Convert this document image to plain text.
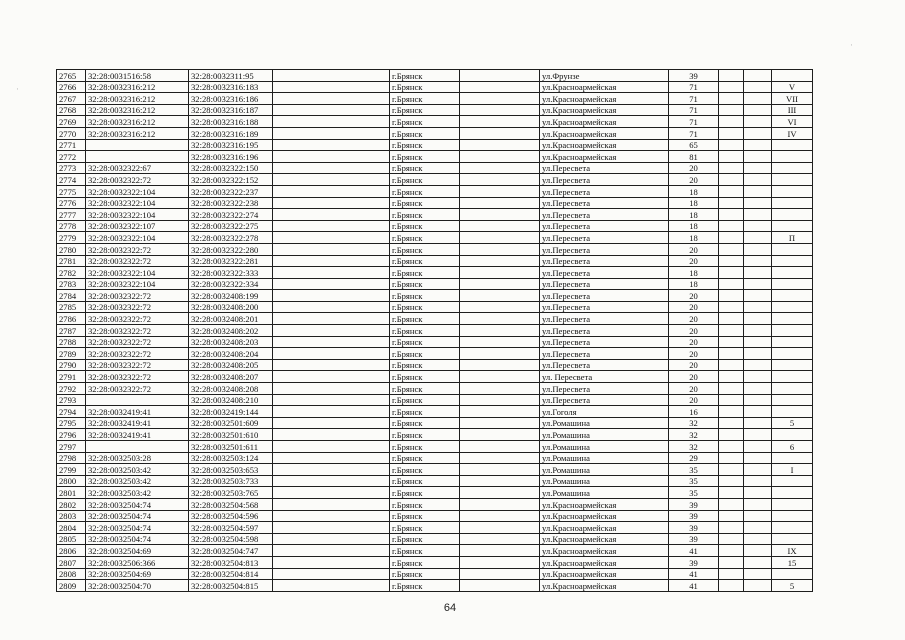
2765	32:28:0031516:58	32:28:0032311:95		г.Брянск		ул.Фрунзе	39			
2766	32:28:0032316:212	32:28:0032316:183		г.Брянск		ул.Красноармейская	71			V
2767	32:28:0032316:212	32:28:0032316:186		г.Брянск		ул.Красноармейская	71			VII
2768	32:28:0032316:212	32:28:0032316:187		г.Брянск		ул.Красноармейская	71			III
2769	32:28:0032316:212	32:28:0032316:188		г.Брянск		ул.Красноармейская	71			VI
2770	32:28:0032316:212	32:28:0032316:189		г.Брянск		ул.Красноармейская	71			IV
2771		32:28:0032316:195		г.Брянск		ул.Красноармейская	65			
2772		32:28:0032316:196		г.Брянск		ул.Красноармейская	81			
2773	32:28:0032322:67	32:28:0032322:150		г.Брянск		ул.Пересвета	20			
2774	32:28:0032322:72	32:28:0032322:152		г.Брянск		ул.Пересвета	20			
2775	32:28:0032322:104	32:28:0032322:237		г.Брянск		ул.Пересвета	18			
2776	32:28:0032322:104	32:28:0032322:238		г.Брянск		ул.Пересвета	18			
2777	32:28:0032322:104	32:28:0032322:274		г.Брянск		ул.Пересвета	18			
2778	32:28:0032322:107	32:28:0032322:275		г.Брянск		ул.Пересвета	18			
2779	32:28:0032322:104	32:28:0032322:278		г.Брянск		ул.Пересвета	18			П
2780	32:28:0032322:72	32:28:0032322:280		г.Брянск		ул.Пересвета	20			
2781	32:28:0032322:72	32:28:0032322:281		г.Брянск		ул.Пересвета	20			
2782	32:28:0032322:104	32:28:0032322:333		г.Брянск		ул.Пересвета	18			
2783	32:28:0032322:104	32:28:0032322:334		г.Брянск		ул.Пересвета	18			
2784	32:28:0032322:72	32:28:0032408:199		г.Брянск		ул.Пересвета	20			
2785	32:28:0032322:72	32:28:0032408:200		г.Брянск		ул.Пересвета	20			
2786	32:28:0032322:72	32:28:0032408:201		г.Брянск		ул.Пересвета	20			
2787	32:28:0032322:72	32:28:0032408:202		г.Брянск		ул.Пересвета	20			
2788	32:28:0032322:72	32:28:0032408:203		г.Брянск		ул.Пересвета	20			
2789	32:28:0032322:72	32:28:0032408:204		г.Брянск		ул.Пересвета	20			
2790	32:28:0032322:72	32:28:0032408:205		г.Брянск		ул.Пересвета	20			
2791	32:28:0032322:72	32:28:0032408:207		г.Брянск		ул. Пересвета	20			
2792	32:28:0032322:72	32:28:0032408:208		г.Брянск		ул.Пересвета	20			
2793		32:28:0032408:210		г.Брянск		ул.Пересвета	20			
2794	32:28:0032419:41	32:28:0032419:144		г.Брянск		ул.Гоголя	16			
2795	32:28:0032419:41	32:28:0032501:609		г.Брянск		ул.Ромашина	32			5
2796	32:28:0032419:41	32:28:0032501:610		г.Брянск		ул.Ромашина	32			
2797		32:28:0032501:611		г.Брянск		ул.Ромашина	32			6
2798	32:28:0032503:28	32:28:0032503:124		г.Брянск		ул.Ромашина	29			
2799	32:28:0032503:42	32:28:0032503:653		г.Брянск		ул.Ромашина	35			I
2800	32:28:0032503:42	32:28:0032503:733		г.Брянск		ул.Ромашина	35			
2801	32:28:0032503:42	32:28:0032503:765		г.Брянск		ул.Ромашина	35			
2802	32:28:0032504:74	32:28:0032504:568		г.Брянск		ул.Красноармейская	39			
2803	32:28:0032504:74	32:28:0032504:596		г.Брянск		ул.Красноармейская	39			
2804	32:28:0032504:74	32:28:0032504:597		г.Брянск		ул.Красноармейская	39			
2805	32:28:0032504:74	32:28:0032504:598		г.Брянск		ул.Красноармейская	39			
2806	32:28:0032504:69	32:28:0032504:747		г.Брянск		ул.Красноармейская	41			IX
2807	32:28:0032506:366	32:28:0032504:813		г.Брянск		ул.Красноармейская	39			15
2808	32:28:0032504:69	32:28:0032504:814		г.Брянск		ул.Красноармейская	41			
2809	32:28:0032504:70	32:28:0032504:815		г.Брянск		ул.Красноармейская	41			5
64
·
·
